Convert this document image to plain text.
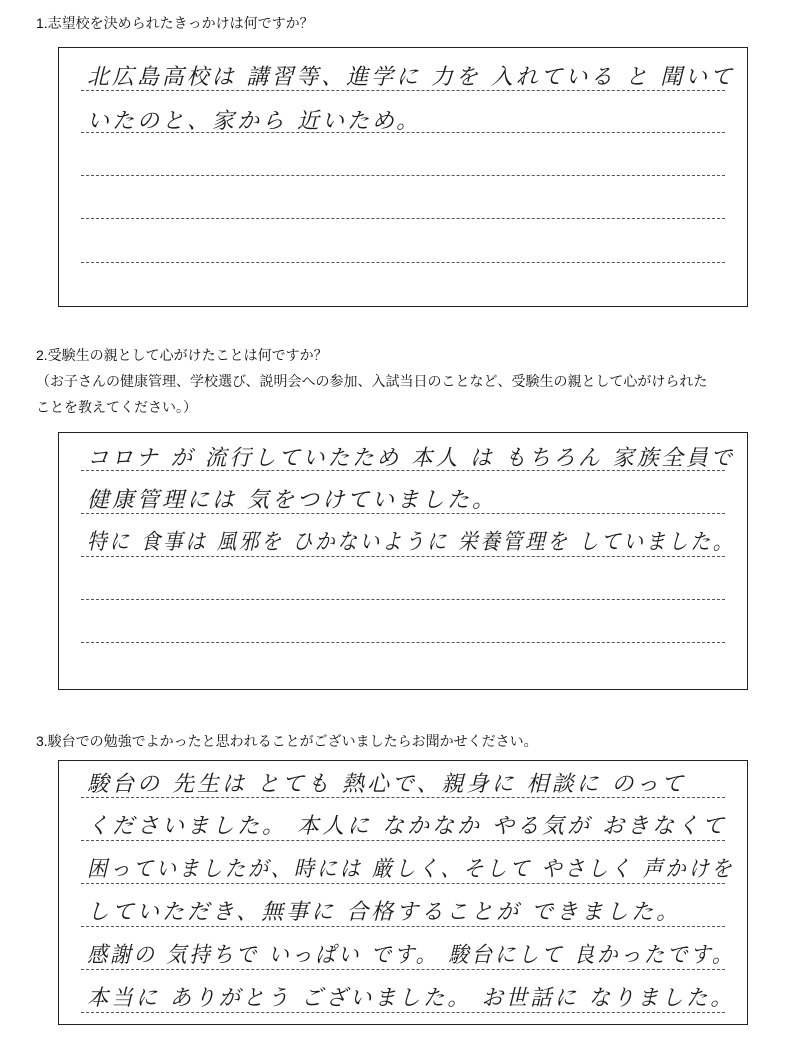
1.志望校を決められたきっかけは何ですか？
北広島高校は 講習等、進学に 力を 入れている と 聞いて
いたのと、家から 近いため。
2.受験生の親として心がけたことは何ですか？
（お子さんの健康管理、学校選び、説明会への参加、入試当日のことなど、受験生の親として心がけられた
ことを教えてください。）
コロナ が 流行していたため 本人 は もちろん 家族全員で
健康管理には 気をつけていました。
特に 食事は 風邪を ひかないように 栄養管理を していました。
3.駿台での勉強でよかったと思われることがございましたらお聞かせください。
駿台の 先生は とても 熱心で、親身に 相談に のって
くださいました。 本人に なかなか やる気が おきなくて
困っていましたが、時には 厳しく、そして やさしく 声かけを
していただき、無事に 合格することが できました。
感謝の 気持ちで いっぱい です。 駿台にして 良かったです。
本当に ありがとう ございました。 お世話に なりました。
